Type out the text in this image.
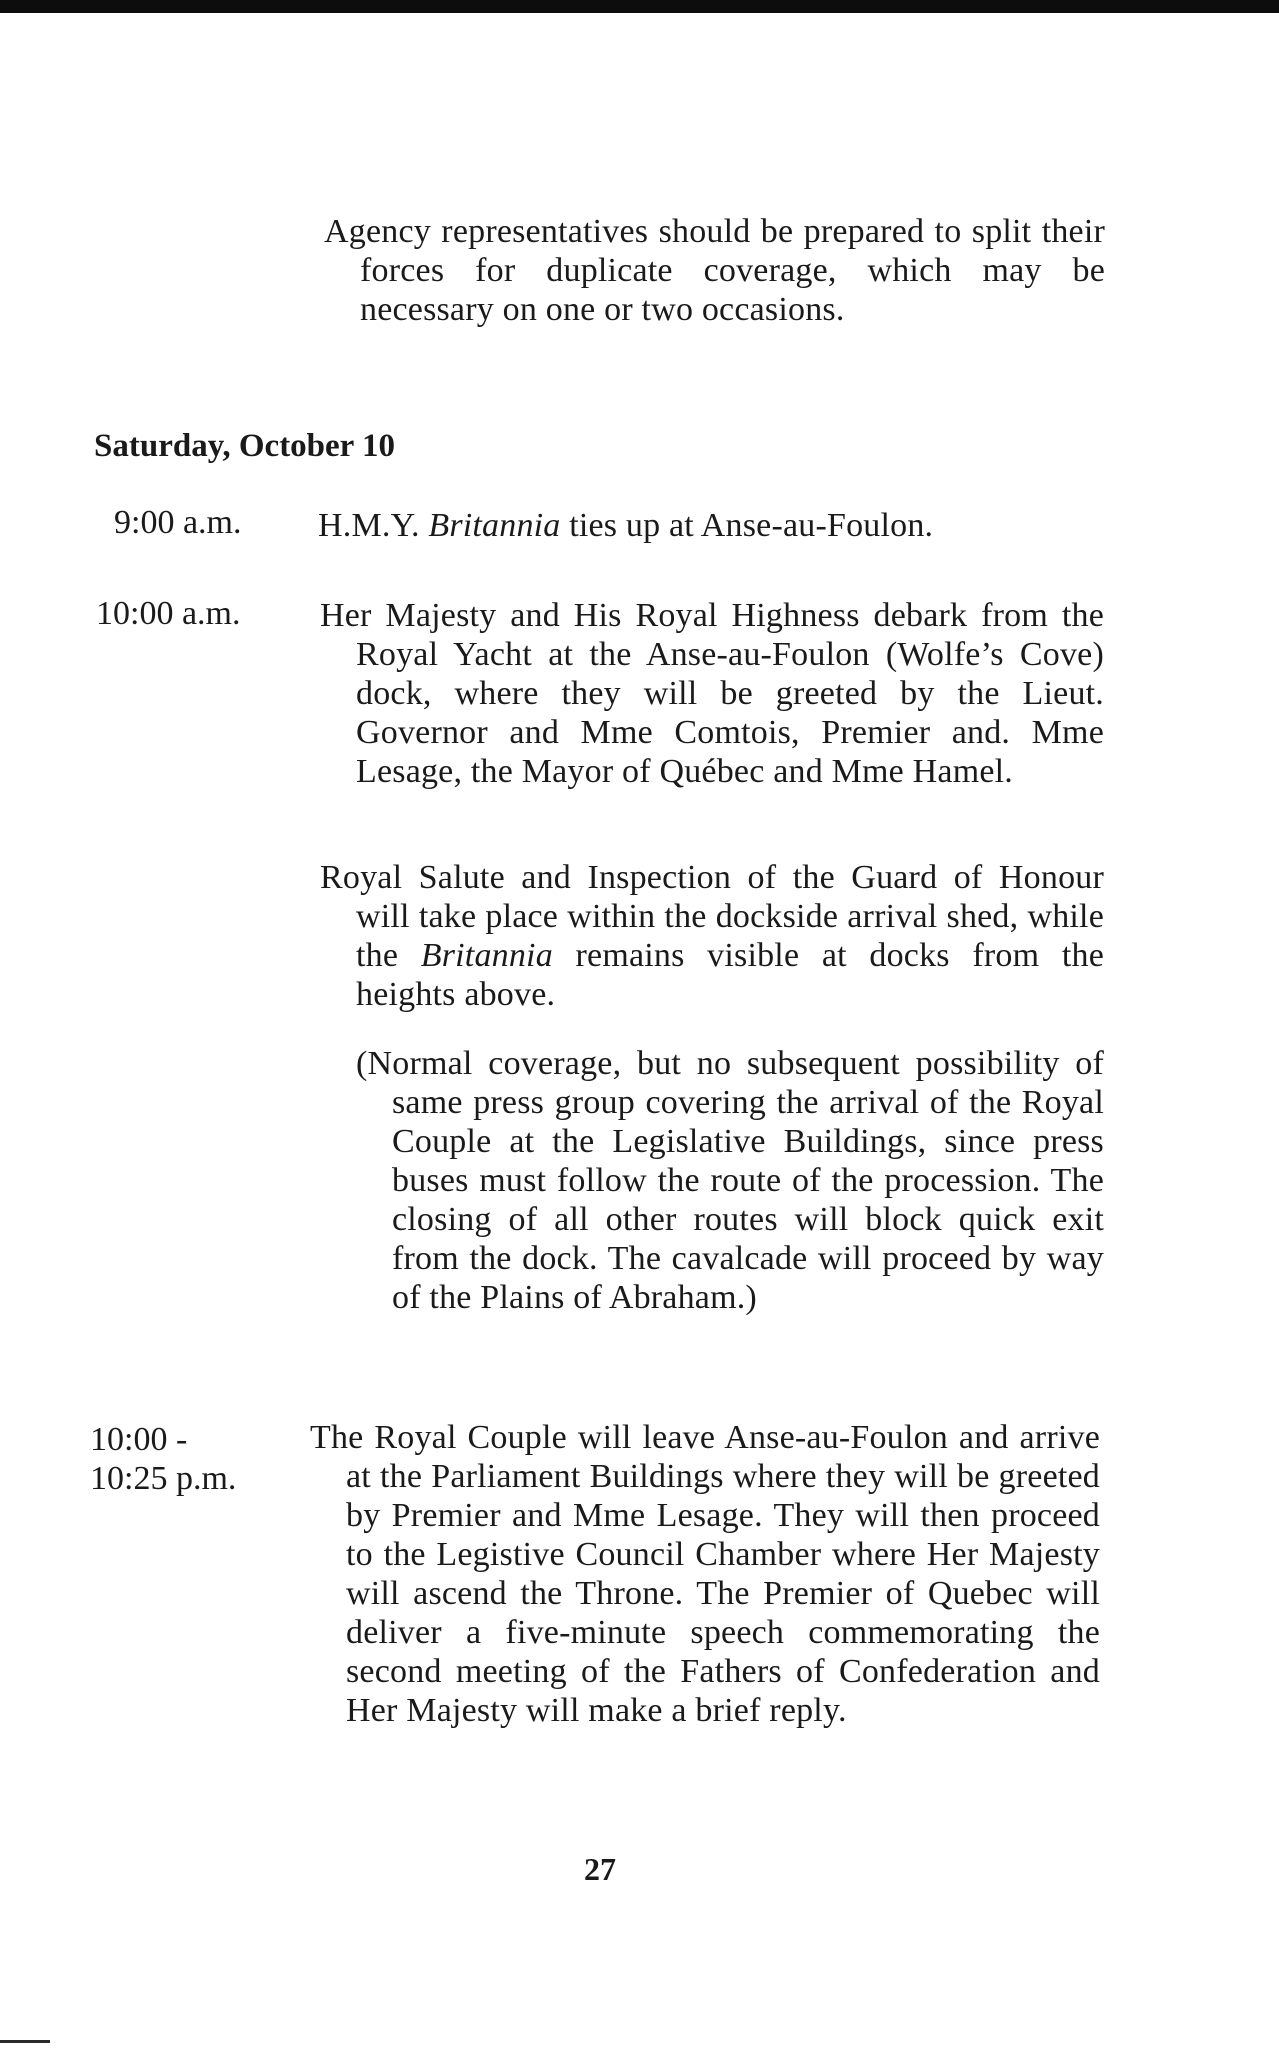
Agency representatives should be prepared to split their forces for duplicate coverage, which may be necessary on one or two occasions.

Saturday, October 10
9:00 a.m. H.M.Y. Britannia ties up at Anse-au-Foulon.

10:00 a.m. Her Majesty and His Royal Highness debark from the Royal Yacht at the Anse-au-Foulon (Wolfe’s Cove) dock, where they will be greeted by the Lieut. Governor and Mme Comtois, Premier and. Mme Lesage, the Mayor of Québec and Mme Hamel.

Royal Salute and Inspection of the Guard of Honour will take place within the dockside arrival shed, while the Britannia remains visible at docks from the heights above.

(Normal coverage, but no subsequent possibility of same press group covering the arrival of the Royal Couple at the Legislative Buildings, since press buses must follow the route of the procession. The closing of all other routes will block quick exit from the dock. The cavalcade will proceed by way of the Plains of Abraham.)

10:00 -
10:25 p.m.

The Royal Couple will leave Anse-au-Foulon and arrive at the Parliament Buildings where they will be greeted by Premier and Mme Lesage. They will then proceed to the Legistive Council Chamber where Her Majesty will ascend the Throne. The Premier of Quebec will deliver a five-minute speech commemorating the second meeting of the Fathers of Confederation and Her Majesty will make a brief reply.

27
